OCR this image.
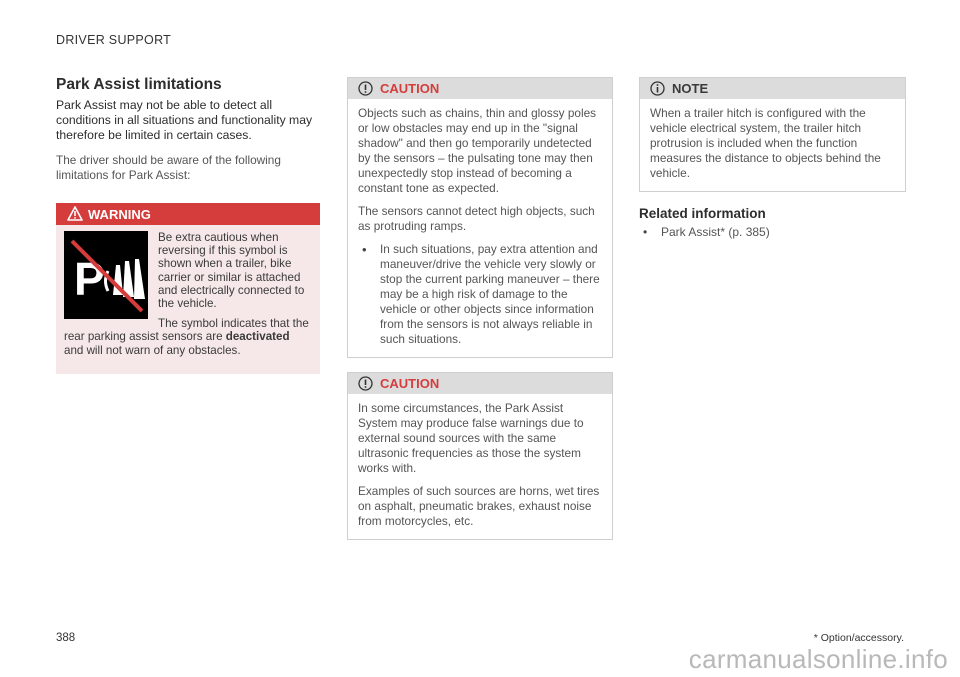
DRIVER SUPPORT
Park Assist limitations

Park Assist may not be able to detect all conditions in all situations and functionality may therefore be limited in certain cases.

The driver should be aware of the following limitations for Park Assist:

WARNING
P

Be extra cautious when reversing if this symbol is shown when a trailer, bike carrier or similar is attached and electrically connected to the vehicle.

The symbol indicates that the rear parking assist sensors are deactivated and will not warn of any obstacles.

CAUTION

Objects such as chains, thin and glossy poles or low obstacles may end up in the "signal shadow" and then go temporarily undetected by the sensors – the pulsating tone may then unexpectedly stop instead of becoming a constant tone as expected.

The sensors cannot detect high objects, such as protruding ramps.

• In such situations, pay extra attention and maneuver/drive the vehicle very slowly or stop the current parking maneuver – there may be a high risk of damage to the vehicle or other objects since information from the sensors is not always reliable in such situations.
CAUTION

In some circumstances, the Park Assist System may produce false warnings due to external sound sources with the same ultrasonic frequencies as those the system works with.

Examples of such sources are horns, wet tires on asphalt, pneumatic brakes, exhaust noise from motorcycles, etc.

NOTE

When a trailer hitch is configured with the vehicle electrical system, the trailer hitch protrusion is included when the function measures the distance to objects behind the vehicle.

Related information
• Park Assist* (p. 385)
388	* Option/accessory.
carmanualsonline.info
